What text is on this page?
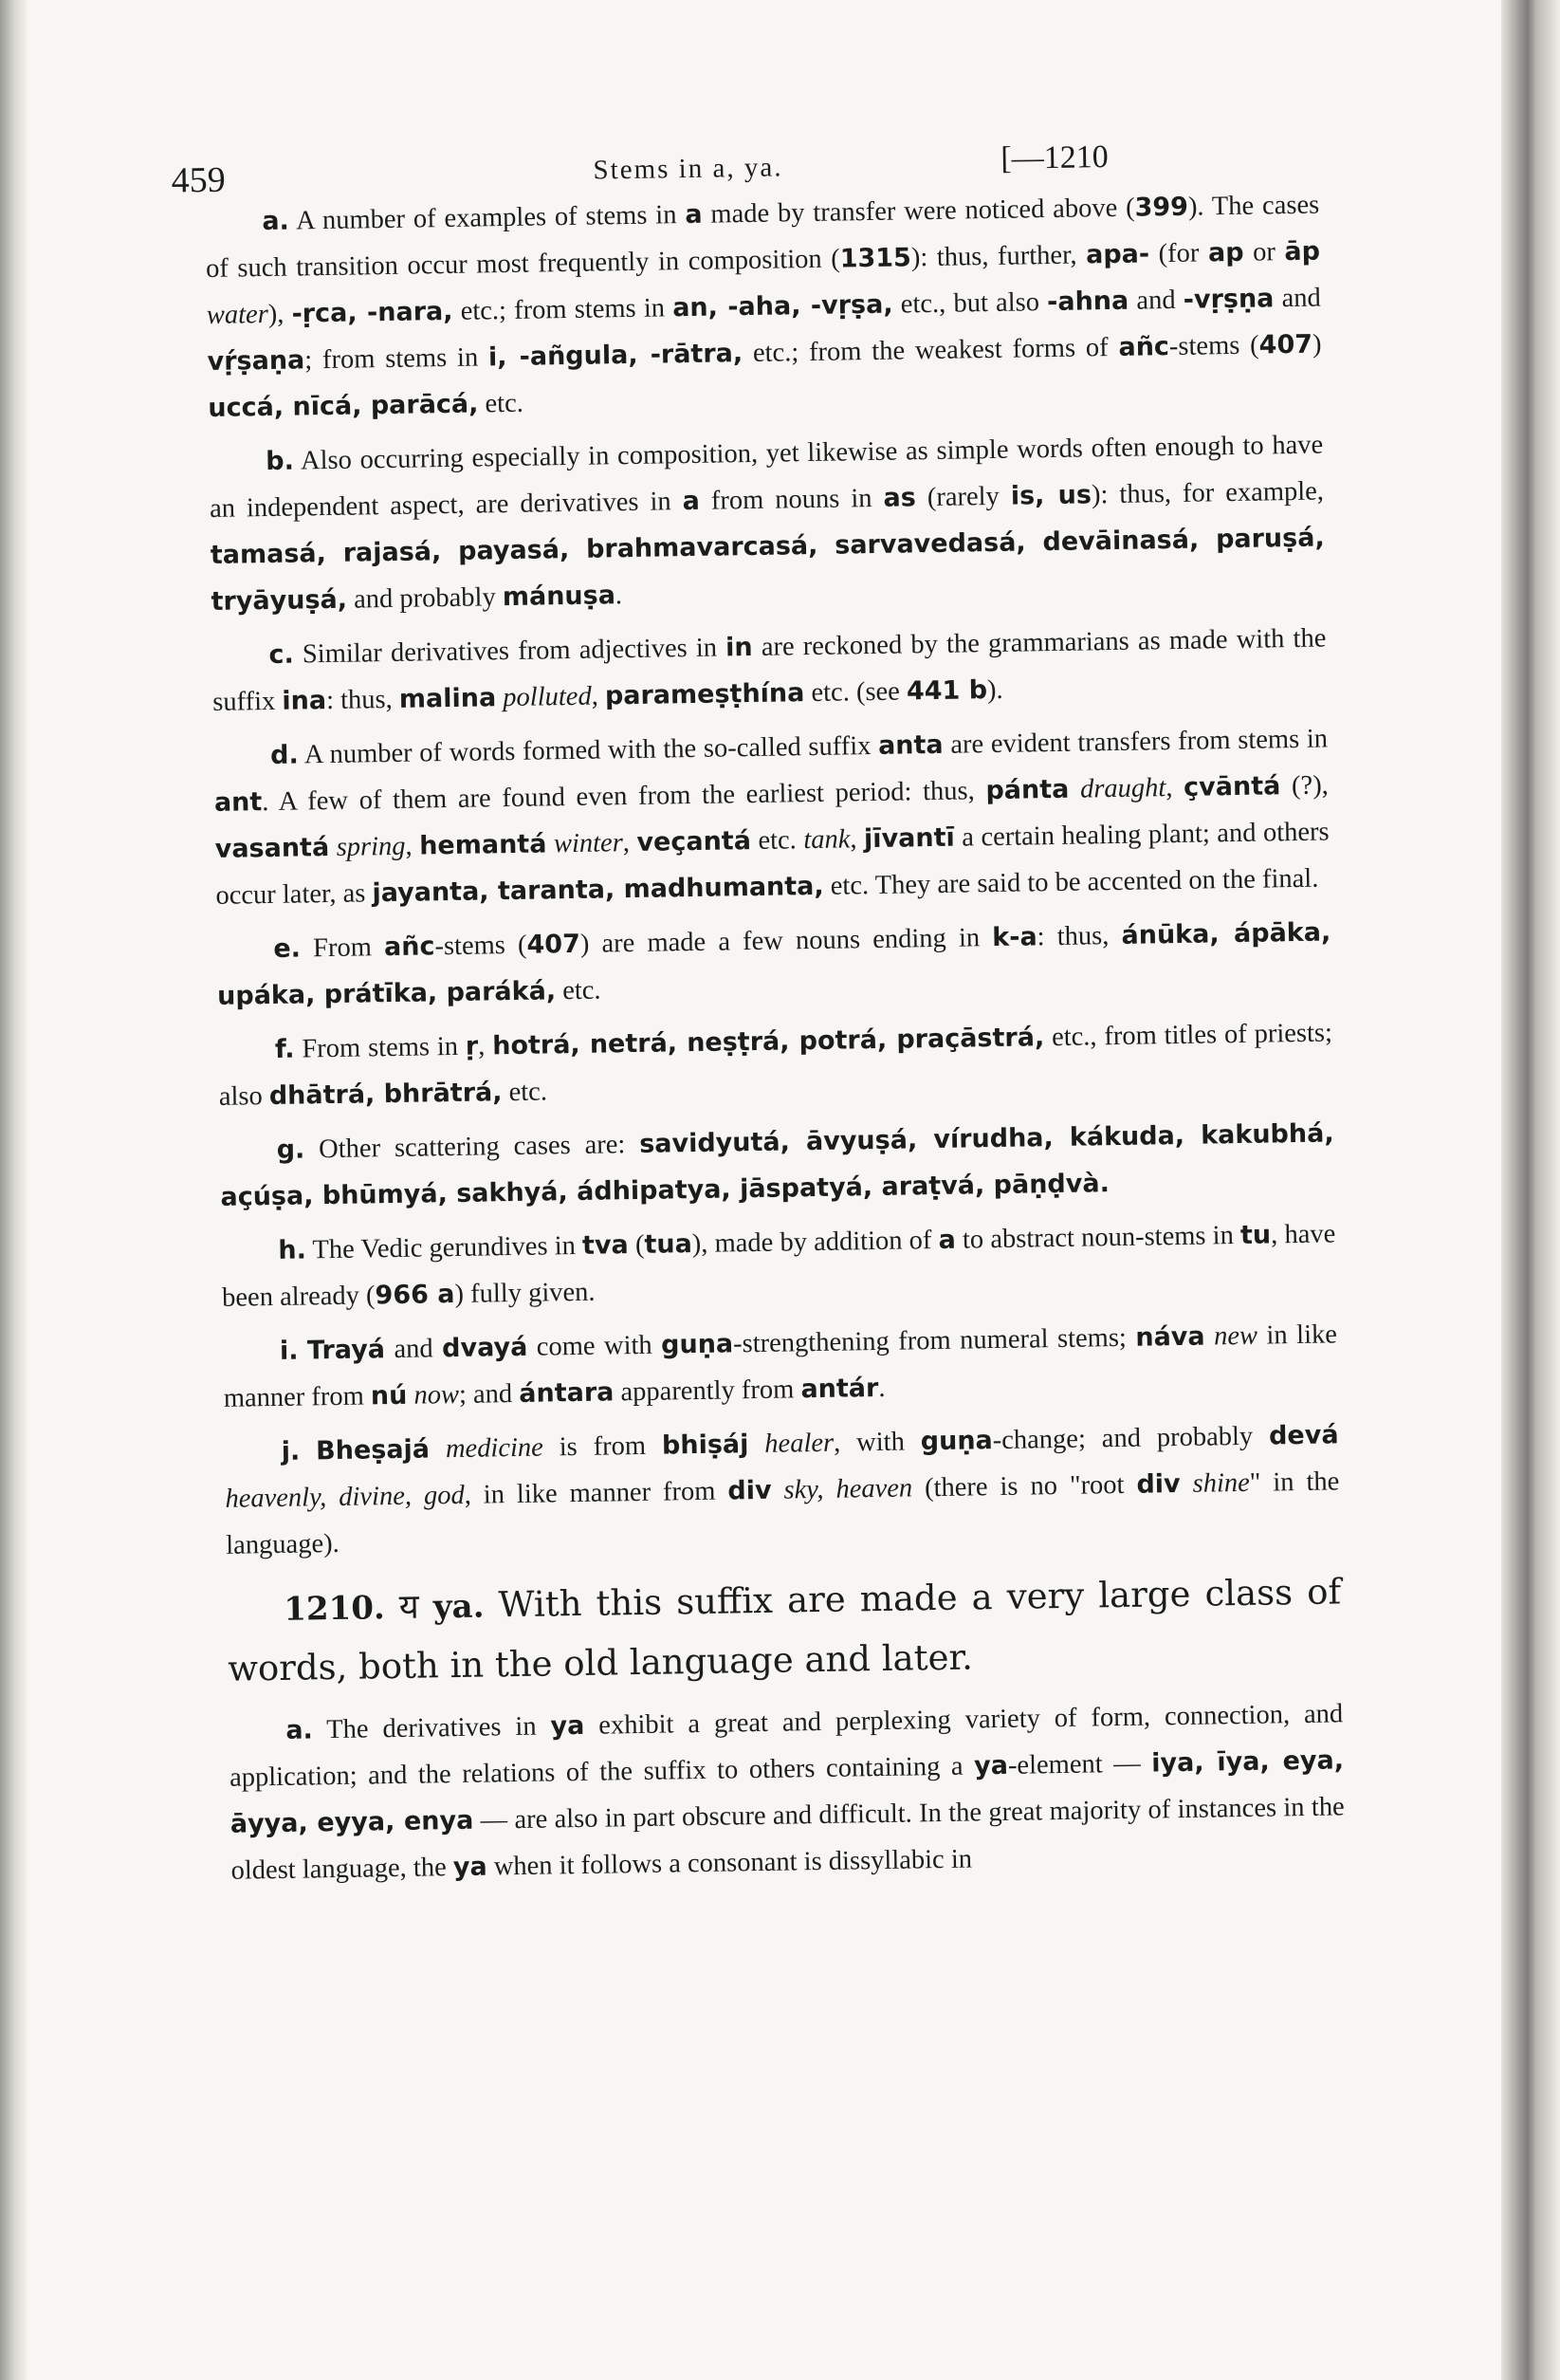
459	Stems in a, ya.	[—1210

a. A number of examples of stems in a made by transfer were noticed above (399). The cases of such transition occur most frequently in composition (1315): thus, further, apa- (for ap or āp water), -ṛca, -nara, etc.; from stems in an, -aha, -vṛṣa, etc., but also -ahna and -vṛṣṇa and vṛ́ṣaṇa; from stems in i, -añgula, -rātra, etc.; from the weakest forms of añc-stems (407) uccá, nīcá, parācá, etc.

b. Also occurring especially in composition, yet likewise as simple words often enough to have an independent aspect, are derivatives in a from nouns in as (rarely is, us): thus, for example, tamasá, rajasá, payasá, brahmavarcasá, sarvavedasá, devāinasá, paruṣá, tryāyuṣá, and probably mánuṣa.

c. Similar derivatives from adjectives in in are reckoned by the grammarians as made with the suffix ina: thus, malina polluted, parameṣṭhína etc. (see 441 b).

d. A number of words formed with the so-called suffix anta are evident transfers from stems in ant. A few of them are found even from the earliest period: thus, pánta draught, çvāntá (?), vasantá spring, hemantá winter, veçantá etc. tank, jīvantī a certain healing plant; and others occur later, as jayanta, taranta, madhumanta, etc. They are said to be accented on the final.

e. From añc-stems (407) are made a few nouns ending in k-a: thus, ánūka, ápāka, upáka, prátīka, paráká, etc.

f. From stems in ṛ, hotrá, netrá, neṣṭrá, potrá, praçāstrá, etc., from titles of priests; also dhātrá, bhrātrá, etc.

g. Other scattering cases are: savidyutá, āvyuṣá, vírudha, kákuda, kakubhá, açúṣa, bhūmyá, sakhyá, ádhipatya, jāspatyá, araṭvá, pāṇḍvà.

h. The Vedic gerundives in tva (tua), made by addition of a to abstract noun-stems in tu, have been already (966 a) fully given.

i. Trayá and dvayá come with guṇa-strengthening from numeral stems; náva new in like manner from nú now; and ántara apparently from antár.

j. Bheṣajá medicine is from bhiṣáj healer, with guṇa-change; and probably devá heavenly, divine, god, in like manner from div sky, heaven (there is no "root div shine" in the language).

1210. य ya. With this suffix are made a very large class of words, both in the old language and later.

a. The derivatives in ya exhibit a great and perplexing variety of form, connection, and application; and the relations of the suffix to others containing a ya-element — iya, īya, eya, āyya, eyya, enya — are also in part obscure and difficult. In the great majority of instances in the oldest language, the ya when it follows a consonant is dissyllabic in
